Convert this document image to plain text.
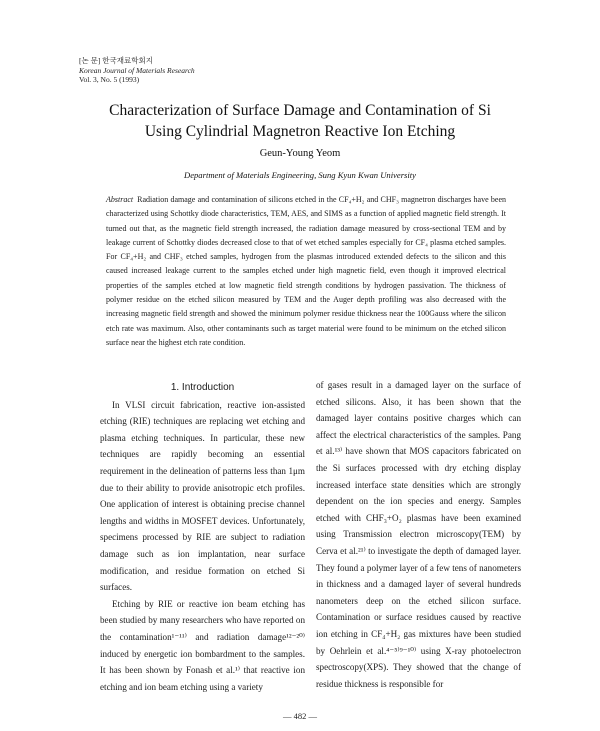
[논 문] 한국재료학회지
Korean Journal of Materials Research
Vol. 3, No. 5 (1993)
Characterization of Surface Damage and Contamination of Si
Using Cylindrial Magnetron Reactive Ion Etching
Geun-Young Yeom
Department of Materials Engineering, Sung Kyun Kwan University
Abstract Radiation damage and contamination of silicons etched in the CF₄+H₂ and CHF₃ magnetron discharges have been characterized using Schottky diode characteristics, TEM, AES, and SIMS as a function of applied magnetic field strength. It turned out that, as the magnetic field strength increased, the radiation damage measured by cross-sectional TEM and by leakage current of Schottky diodes decreased close to that of wet etched samples especially for CF₄ plasma etched samples. For CF₄+H₂ and CHF₃ etched samples, hydrogen from the plasmas introduced extended defects to the silicon and this caused increased leakage current to the samples etched under high magnetic field, even though it improved electrical properties of the samples etched at low magnetic field strength conditions by hydrogen passivation. The thickness of polymer residue on the etched silicon measured by TEM and the Auger depth profiling was also decreased with the increasing magnetic field strength and showed the minimum polymer residue thickness near the 100Gauss where the silicon etch rate was maximum. Also, other contaminants such as target material were found to be minimum on the etched silicon surface near the highest etch rate condition.

1. Introduction

In VLSI circuit fabrication, reactive ion-assisted etching (RIE) techniques are replacing wet etching and plasma etching techniques. In particular, these new techniques are rapidly becoming an essential requirement in the delineation of patterns less than 1μm due to their ability to provide anisotropic etch profiles. One application of interest is obtaining precise channel lengths and widths in MOSFET devices. Unfortunately, specimens processed by RIE are subject to radiation damage such as ion implantation, near surface modification, and residue formation on etched Si surfaces.

Etching by RIE or reactive ion beam etching has been studied by many researchers who have reported on the contamination¹⁻¹¹⁾ and radiation damage¹²⁻²⁰⁾ induced by energetic ion bombardment to the samples. It has been shown by Fonash et al.¹⁾ that reactive ion etching and ion beam etching using a variety

of gases result in a damaged layer on the surface of etched silicons. Also, it has been shown that the damaged layer contains positive charges which can affect the electrical characteristics of the samples. Pang et al.¹³⁾ have shown that MOS capacitors fabricated on the Si surfaces processed with dry etching display increased interface state densities which are strongly dependent on the ion species and energy. Samples etched with CHF₃+O₂ plasmas have been examined using Transmission electron microscopy(TEM) by Cerva et al.²¹⁾ to investigate the depth of damaged layer. They found a polymer layer of a few tens of nanometers in thickness and a damaged layer of several hundreds nanometers deep on the etched silicon surface. Contamination or surface residues caused by reactive ion etching in CF₄+H₂ gas mixtures have been studied by Oehrlein et al.⁴⁻⁵⁾⁹⁻¹⁰⁾ using X-ray photoelectron spectroscopy(XPS). They showed that the change of residue thickness is responsible for

— 482 —
